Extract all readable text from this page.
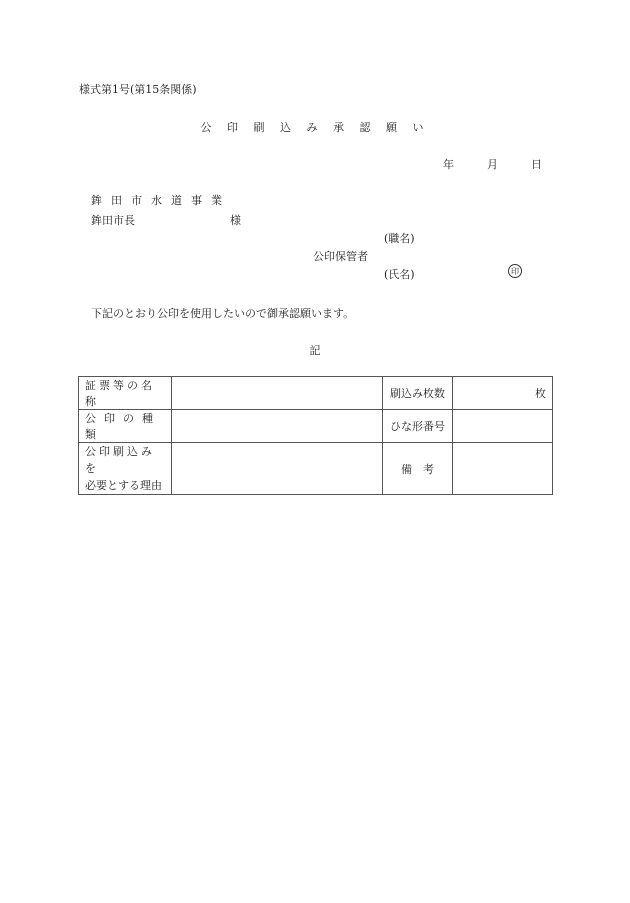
様式第1号(第15条関係)
公 印 刷 込 み 承 認 願 い
年	月	日
鉾田市水道事業
鉾田市長	様
(職名)
公印保管者
(氏名)	印
下記のとおり公印を使用したいので御承認願います。
記
証票等の名称		刷込み枚数	枚
公印の種類		ひな形番号	

公印刷込みを
必要とする理由		備　考	
